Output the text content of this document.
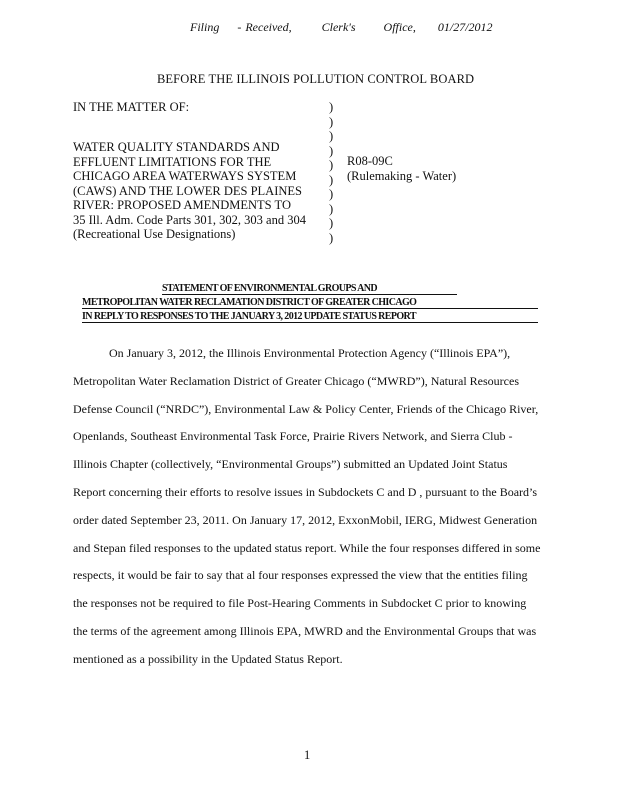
Filing - Received,	Clerk's Office, 01/27/2012
BEFORE THE ILLINOIS POLLUTION CONTROL BOARD
IN THE MATTER OF:
WATER QUALITY STANDARDS AND
EFFLUENT LIMITATIONS FOR THE
CHICAGO AREA WATERWAYS SYSTEM
(CAWS) AND THE LOWER DES PLAINES
RIVER: PROPOSED AMENDMENTS TO
35 Ill. Adm. Code Parts 301, 302, 303 and 304
(Recreational Use Designations)
)
)
)
)
)
)
)
)
)
)
R08-09C
(Rulemaking - Water)
STATEMENT OF ENVIRONMENTAL GROUPS AND
METROPOLITAN WATER RECLAMATION DISTRICT OF GREATER CHICAGO
IN REPLY TO RESPONSES TO THE JANUARY 3, 2012 UPDATE STATUS REPORT
On January 3, 2012, the Illinois Environmental Protection Agency (“Illinois EPA”),
Metropolitan Water Reclamation District of Greater Chicago (“MWRD”), Natural Resources
Defense Council (“NRDC”), Environmental Law & Policy Center, Friends of the Chicago River,
Openlands, Southeast Environmental Task Force, Prairie Rivers Network, and Sierra Club -
Illinois Chapter (collectively, “Environmental Groups”) submitted an Updated Joint Status
Report concerning their efforts to resolve issues in Subdockets C and D , pursuant to the Board’s
order dated September 23, 2011. On January 17, 2012, ExxonMobil, IERG, Midwest Generation
and Stepan filed responses to the updated status report. While the four responses differed in some
respects, it would be fair to say that al four responses expressed the view that the entities filing
the responses not be required to file Post-Hearing Comments in Subdocket C prior to knowing
the terms of the agreement among Illinois EPA, MWRD and the Environmental Groups that was
mentioned as a possibility in the Updated Status Report.
1
